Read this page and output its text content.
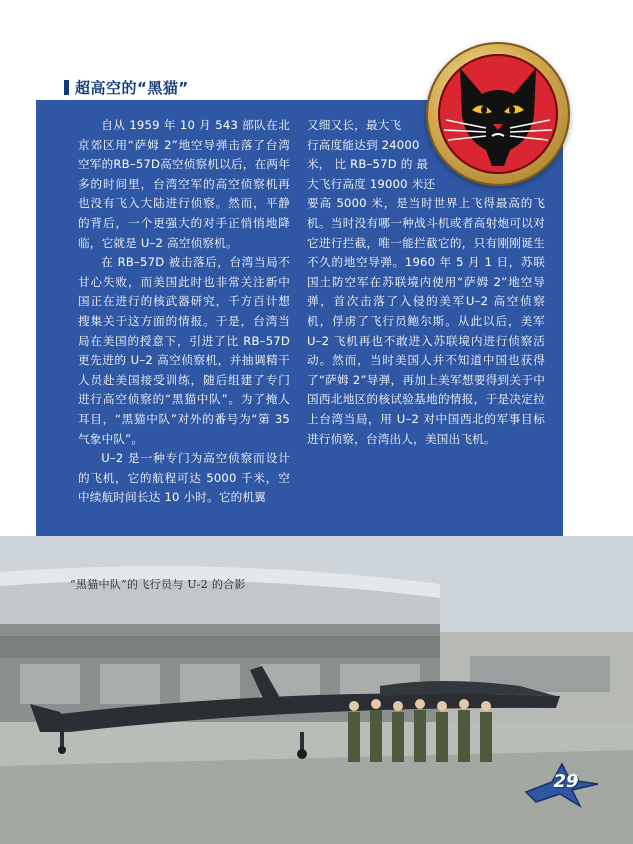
超高空的“黑猫”

自从 1959 年 10 月 543 部队在北京郊区用“萨姆 2”地空导弹击落了台湾空军的RB–57D高空侦察机以后，在两年多的时间里，台湾空军的高空侦察机再也没有飞入大陆进行侦察。然而，平静的背后，一个更强大的对手正悄悄地降临，它就是 U–2 高空侦察机。

在 RB–57D 被击落后，台湾当局不甘心失败，而美国此时也非常关注新中国正在进行的核武器研究，千方百计想搜集关于这方面的情报。于是，台湾当局在美国的授意下，引进了比 RB–57D 更先进的 U–2 高空侦察机，并抽调精干人员赴美国接受训练，随后组建了专门进行高空侦察的“黑猫中队”。为了掩人耳目，“黑猫中队”对外的番号为“第 35 气象中队”。

U–2 是一种专门为高空侦察而设计的飞机，它的航程可达 5000 千米，空中续航时间长达 10 小时。它的机翼

又细又长，最大飞
行高度能达到 24000
米， 比 RB–57D 的 最
大飞行高度 19000 米还

要高 5000 米，是当时世界上飞得最高的飞机。当时没有哪一种战斗机或者高射炮可以对它进行拦截，唯一能拦截它的，只有刚刚诞生不久的地空导弹。1960 年 5 月 1 日，苏联国土防空军在苏联境内使用“萨姆 2”地空导弹，首次击落了入侵的美军U–2 高空侦察机，俘虏了飞行员鲍尔斯。从此以后，美军 U–2 飞机再也不敢进入苏联境内进行侦察活动。然而，当时美国人并不知道中国也获得了“萨姆 2”导弹，再加上美军想要得到关于中国西北地区的核试验基地的情报，于是决定拉上台湾当局，用 U–2 对中国西北的军事目标进行侦察，台湾出人，美国出飞机。

“黑猫中队”的飞行员与 U-2 的合影
29
